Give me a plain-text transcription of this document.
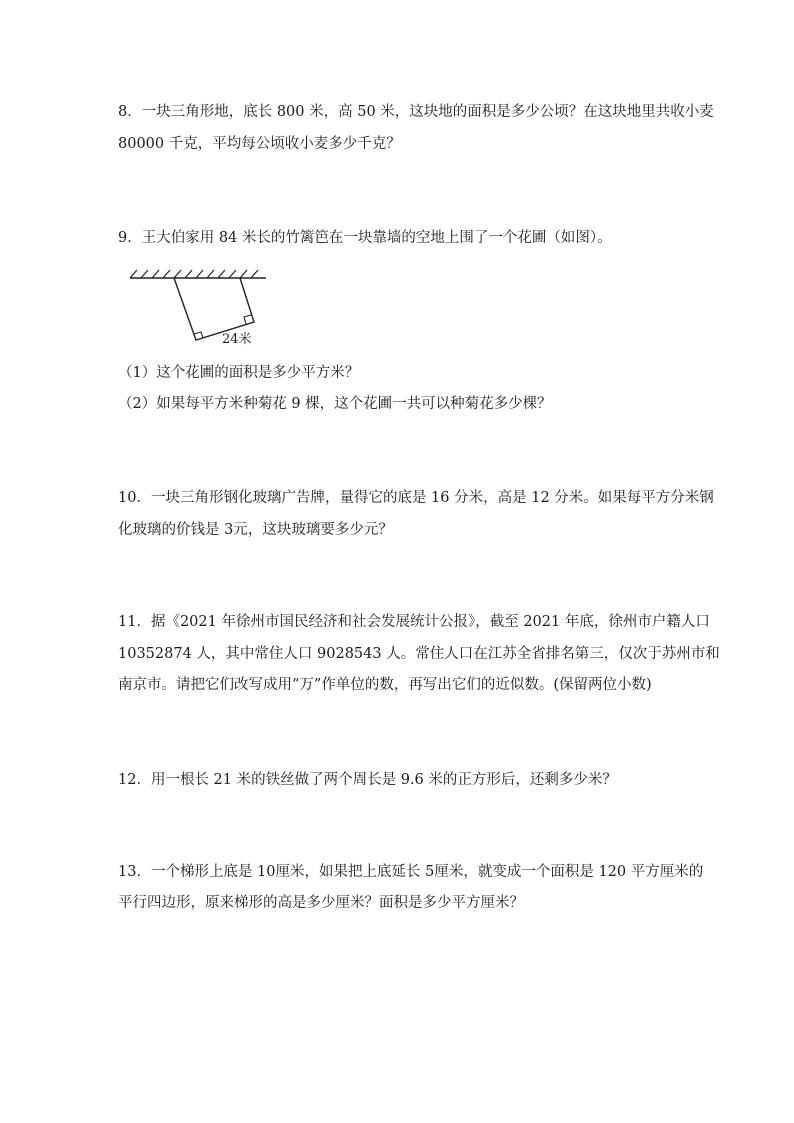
8．一块三角形地，底长 800 米，高 50 米，这块地的面积是多少公顷？在这块地里共收小麦
80000 千克，平均每公顷收小麦多少千克？
9．王大伯家用 84 米长的竹篱笆在一块靠墙的空地上围了一个花圃（如图）。
24米
（1）这个花圃的面积是多少平方米？
（2）如果每平方米种菊花 9 棵，这个花圃一共可以种菊花多少棵？
10．一块三角形钢化玻璃广告牌，量得它的底是 16 分米，高是 12 分米。如果每平方分米钢
化玻璃的价钱是 3元，这块玻璃要多少元？
11．据《2021 年徐州市国民经济和社会发展统计公报》，截至 2021 年底，徐州市户籍人口
10352874 人，其中常住人口 9028543 人。常住人口在江苏全省排名第三，仅次于苏州市和
南京市。请把它们改写成用“万”作单位的数，再写出它们的近似数。(保留两位小数)
12．用一根长 21 米的铁丝做了两个周长是 9.6 米的正方形后，还剩多少米？
13．一个梯形上底是 10厘米，如果把上底延长 5厘米，就变成一个面积是 120 平方厘米的
平行四边形，原来梯形的高是多少厘米？面积是多少平方厘米？
